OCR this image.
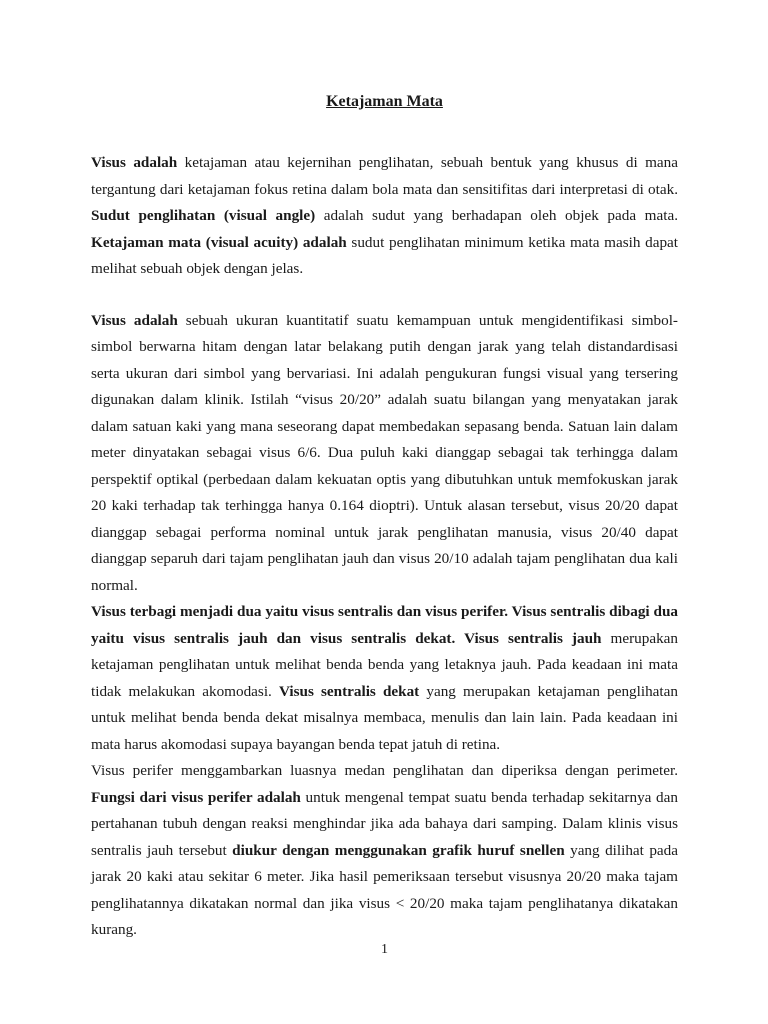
Ketajaman Mata

Visus adalah ketajaman atau kejernihan penglihatan, sebuah bentuk yang khusus di mana tergantung dari ketajaman fokus retina dalam bola mata dan sensitifitas dari interpretasi di otak. Sudut penglihatan (visual angle) adalah sudut yang berhadapan oleh objek pada mata. Ketajaman mata (visual acuity) adalah sudut penglihatan minimum ketika mata masih dapat melihat sebuah objek dengan jelas.

Visus adalah sebuah ukuran kuantitatif suatu kemampuan untuk mengidentifikasi simbol-simbol berwarna hitam dengan latar belakang putih dengan jarak yang telah distandardisasi serta ukuran dari simbol yang bervariasi. Ini adalah pengukuran fungsi visual yang tersering digunakan dalam klinik. Istilah “visus 20/20” adalah suatu bilangan yang menyatakan jarak dalam satuan kaki yang mana seseorang dapat membedakan sepasang benda. Satuan lain dalam meter dinyatakan sebagai visus 6/6. Dua puluh kaki dianggap sebagai tak terhingga dalam perspektif optikal (perbedaan dalam kekuatan optis yang dibutuhkan untuk memfokuskan jarak 20 kaki terhadap tak terhingga hanya 0.164 dioptri). Untuk alasan tersebut, visus 20/20 dapat dianggap sebagai performa nominal untuk jarak penglihatan manusia, visus 20/40 dapat dianggap separuh dari tajam penglihatan jauh dan visus 20/10 adalah tajam penglihatan dua kali normal.

Visus terbagi menjadi dua yaitu visus sentralis dan visus perifer. Visus sentralis dibagi dua yaitu visus sentralis jauh dan visus sentralis dekat. Visus sentralis jauh merupakan ketajaman penglihatan untuk melihat benda benda yang letaknya jauh. Pada keadaan ini mata tidak melakukan akomodasi. Visus sentralis dekat yang merupakan ketajaman penglihatan untuk melihat benda benda dekat misalnya membaca, menulis dan lain lain. Pada keadaan ini mata harus akomodasi supaya bayangan benda tepat jatuh di retina.

Visus perifer menggambarkan luasnya medan penglihatan dan diperiksa dengan perimeter. Fungsi dari visus perifer adalah untuk mengenal tempat suatu benda terhadap sekitarnya dan pertahanan tubuh dengan reaksi menghindar jika ada bahaya dari samping. Dalam klinis visus sentralis jauh tersebut diukur dengan menggunakan grafik huruf snellen yang dilihat pada jarak 20 kaki atau sekitar 6 meter. Jika hasil pemeriksaan tersebut visusnya 20/20 maka tajam penglihatannya dikatakan normal dan jika visus < 20/20 maka tajam penglihatanya dikatakan kurang.

1
